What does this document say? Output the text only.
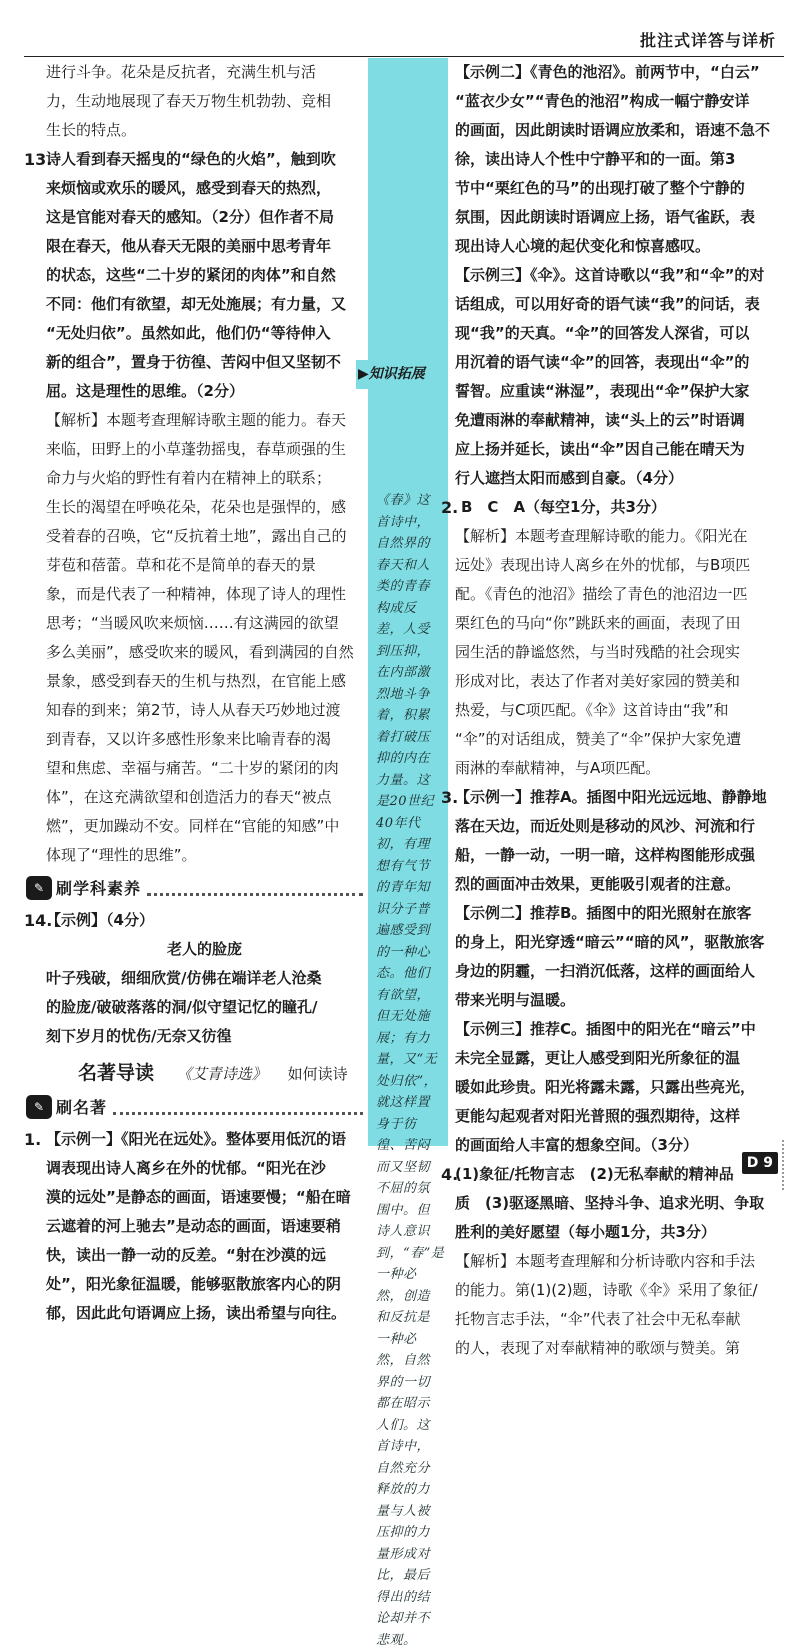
批注式详答与详析

进行斗争。花朵是反抗者，充满生机与活

力，生动地展现了春天万物生机勃勃、竞相

生长的特点。

13.

诗人看到春天摇曳的“绿色的火焰”，触到吹

来烦恼或欢乐的暖风，感受到春天的热烈，

这是官能对春天的感知。（2分）但作者不局

限在春天，他从春天无限的美丽中思考青年

的状态，这些“二十岁的紧闭的肉体”和自然

不同：他们有欲望，却无处施展；有力量，又

“无处归依”。虽然如此，他们仍“等待伸入

新的组合”，置身于彷徨、苦闷中但又坚韧不

屈。这是理性的思维。（2分）

【解析】本题考查理解诗歌主题的能力。春天

来临，田野上的小草蓬勃摇曳，春草顽强的生

命力与火焰的野性有着内在精神上的联系；

生长的渴望在呼唤花朵，花朵也是强悍的，感

受着春的召唤，它“反抗着土地”，露出自己的

芽苞和蓓蕾。草和花不是简单的春天的景

象，而是代表了一种精神，体现了诗人的理性

思考；“当暖风吹来烦恼……有这满园的欲望

多么美丽”，感受吹来的暖风，看到满园的自然

景象，感受到春天的生机与热烈，在官能上感

知春的到来；第2节，诗人从春天巧妙地过渡

到青春，又以许多感性形象来比喻青春的渴

望和焦虑、幸福与痛苦。“二十岁的紧闭的肉

体”，在这充满欲望和创造活力的春天“被点

燃”，更加躁动不安。同样在“官能的知感”中

体现了“理性的思维”。

✎ 刷学科素养
14.

【示例】（4分）

老人的脸庞

叶子残破，细细欣赏/仿佛在端详老人沧桑

的脸庞/破破落落的洞/似守望记忆的瞳孔/

刻下岁月的忧伤/无奈又彷徨

名著导读 《艾青诗选》 如何读诗
✎ 刷名著
1. 【示例一】《阳光在远处》。整体要用低沉的语

调表现出诗人离乡在外的忧郁。“阳光在沙

漠的远处”是静态的画面，语速要慢；“船在暗

云遮着的河上驰去”是动态的画面，语速要稍

快，读出一静一动的反差。“射在沙漠的远

处”，阳光象征温暖，能够驱散旅客内心的阴

郁，因此此句语调应上扬，读出希望与向往。

《春》这首诗中，自然界的春天和人类的青春构成反差，人受到压抑，在内部激烈地斗争着，积累着打破压抑的内在力量。这是20世纪40年代初，有理想有气节的青年知识分子普遍感受到的一种心态。他们有欲望，但无处施展；有力量，又“无处归依”，就这样置身于彷徨、苦闷而又坚韧不屈的氛围中。但诗人意识到，“春”是一种必然，创造和反抗是一种必然，自然界的一切都在昭示人们。这首诗中，自然充分释放的力量与人被压抑的力量形成对比，最后得出的结论却并不悲观。
▶知识拓展

【示例二】《青色的池沼》。前两节中，“白云”

“蓝衣少女”“青色的池沼”构成一幅宁静安详

的画面，因此朗读时语调应放柔和，语速不急不

徐，读出诗人个性中宁静平和的一面。第3

节中“栗红色的马”的出现打破了整个宁静的

氛围，因此朗读时语调应上扬，语气雀跃，表

现出诗人心境的起伏变化和惊喜感叹。

【示例三】《伞》。这首诗歌以“我”和“伞”的对

话组成，可以用好奇的语气读“我”的问话，表

现“我”的天真。“伞”的回答发人深省，可以

用沉着的语气读“伞”的回答，表现出“伞”的

誓智。应重读“淋湿”，表现出“伞”保护大家

免遭雨淋的奉献精神，读“头上的云”时语调

应上扬并延长，读出“伞”因自己能在晴天为

行人遮挡太阳而感到自豪。（4分）

2. B　C　A（每空1分，共3分）

【解析】本题考查理解诗歌的能力。《阳光在

远处》表现出诗人离乡在外的忧郁，与B项匹

配。《青色的池沼》描绘了青色的池沼边一匹

栗红色的马向“你”跳跃来的画面，表现了田

园生活的静谧悠然，与当时残酷的社会现实

形成对比，表达了作者对美好家园的赞美和

热爱，与C项匹配。《伞》这首诗由“我”和

“伞”的对话组成，赞美了“伞”保护大家免遭

雨淋的奉献精神，与A项匹配。

3.

【示例一】推荐A。插图中阳光远远地、静静地

落在天边，而近处则是移动的风沙、河流和行

船，一静一动，一明一暗，这样构图能形成强

烈的画面冲击效果，更能吸引观者的注意。

【示例二】推荐B。插图中的阳光照射在旅客

的身上，阳光穿透“暗云”“暗的风”，驱散旅客

身边的阴霾，一扫消沉低落，这样的画面给人

带来光明与温暖。

【示例三】推荐C。插图中的阳光在“暗云”中

未完全显露，更让人感受到阳光所象征的温

暖如此珍贵。阳光将露未露，只露出些亮光，

更能勾起观者对阳光普照的强烈期待，这样

的画面给人丰富的想象空间。（3分）

4.

(1)象征/托物言志　(2)无私奉献的精神品

质　(3)驱逐黑暗、坚持斗争、追求光明、争取

胜利的美好愿望（每小题1分，共3分）

【解析】本题考查理解和分析诗歌内容和手法

的能力。第(1)(2)题，诗歌《伞》采用了象征/

托物言志手法，“伞”代表了社会中无私奉献

的人，表现了对奉献精神的歌颂与赞美。第

D 9
